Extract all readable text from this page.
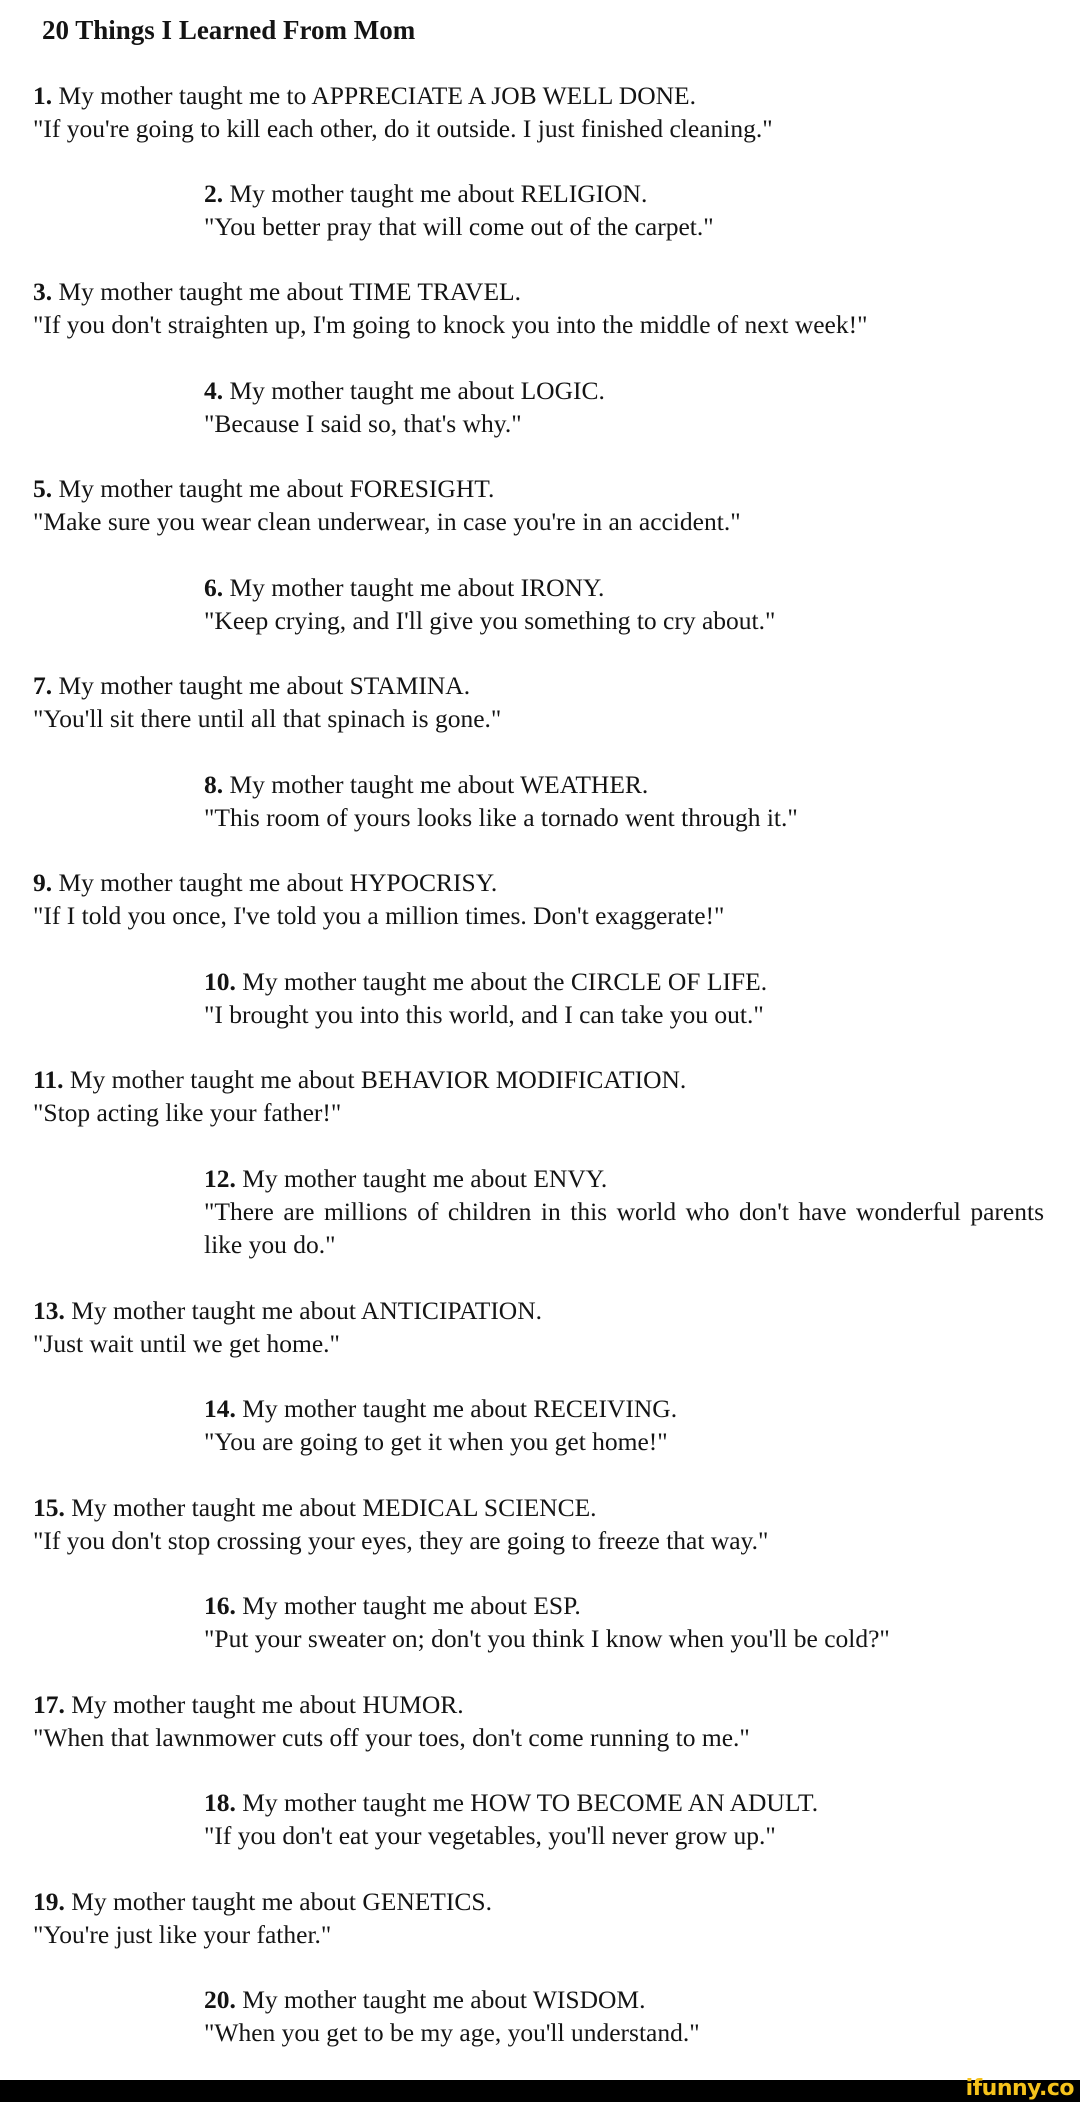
20 Things I Learned From Mom
1. My mother taught me to APPRECIATE A JOB WELL DONE.
"If you're going to kill each other, do it outside. I just finished cleaning."
2. My mother taught me about RELIGION.
"You better pray that will come out of the carpet."
3. My mother taught me about TIME TRAVEL.
"If you don't straighten up, I'm going to knock you into the middle of next week!"
4. My mother taught me about LOGIC.
"Because I said so, that's why."
5. My mother taught me about FORESIGHT.
"Make sure you wear clean underwear, in case you're in an accident."
6. My mother taught me about IRONY.
"Keep crying, and I'll give you something to cry about."
7. My mother taught me about STAMINA.
"You'll sit there until all that spinach is gone."
8. My mother taught me about WEATHER.
"This room of yours looks like a tornado went through it."
9. My mother taught me about HYPOCRISY.
"If I told you once, I've told you a million times. Don't exaggerate!"
10. My mother taught me about the CIRCLE OF LIFE.
"I brought you into this world, and I can take you out."
11. My mother taught me about BEHAVIOR MODIFICATION.
"Stop acting like your father!"
12. My mother taught me about ENVY.
"There are millions of children in this world who don't have wonderful parents like you do."
13. My mother taught me about ANTICIPATION.
"Just wait until we get home."
14. My mother taught me about RECEIVING.
"You are going to get it when you get home!"
15. My mother taught me about MEDICAL SCIENCE.
"If you don't stop crossing your eyes, they are going to freeze that way."
16. My mother taught me about ESP.
"Put your sweater on; don't you think I know when you'll be cold?"
17. My mother taught me about HUMOR.
"When that lawnmower cuts off your toes, don't come running to me."
18. My mother taught me HOW TO BECOME AN ADULT.
"If you don't eat your vegetables, you'll never grow up."
19. My mother taught me about GENETICS.
"You're just like your father."
20. My mother taught me about WISDOM.
"When you get to be my age, you'll understand."
ifunny.co
